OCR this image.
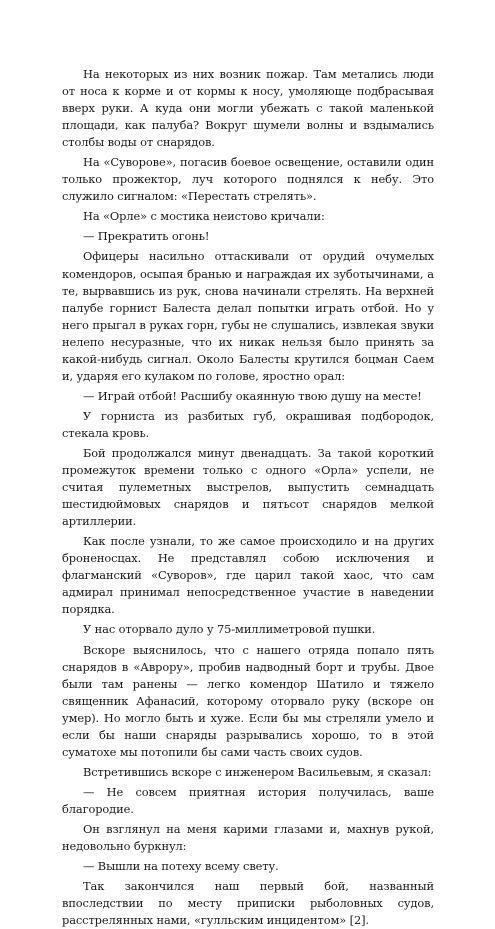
На некоторых из них возник пожар. Там метались люди от носа к корме и от кормы к носу, умоляюще подбрасывая вверх руки. А куда они могли убежать с такой маленькой площади, как палуба? Вокруг шумели волны и вздымались столбы воды от снарядов.

На «Суворове», погасив боевое освещение, оставили один только прожектор, луч которого поднялся к небу. Это служило сигналом: «Перестать стрелять».

На «Орле» с мостика неистово кричали:

— Прекратить огонь!

Офицеры насильно оттаскивали от орудий очумелых комендоров, осыпая бранью и награждая их зуботычинами, а те, вырвавшись из рук, снова начинали стрелять. На верхней палубе горнист Балеста делал попытки играть отбой. Но у него прыгал в руках горн, губы не слушались, извлекая звуки нелепо несуразные, что их никак нельзя было принять за какой-нибудь сигнал. Около Балесты крутился боцман Саем и, ударяя его кулаком по голове, яростно орал:

— Играй отбой! Расшибу окаянную твою душу на месте!

У горниста из разбитых губ, окрашивая подбородок, стекала кровь.

Бой продолжался минут двенадцать. За такой короткий промежуток времени только с одного «Орла» успели, не считая пулеметных выстрелов, выпустить семнадцать шестидюймовых снарядов и пятьсот снарядов мелкой артиллерии.

Как после узнали, то же самое происходило и на других броненосцах. Не представлял собою исключения и флагманский «Суворов», где царил такой хаос, что сам адмирал принимал непосредственное участие в наведении порядка.

У нас оторвало дуло у 75-миллиметровой пушки.

Вскоре выяснилось, что с нашего отряда попало пять снарядов в «Аврору», пробив надводный борт и трубы. Двое были там ранены — легко комендор Шатило и тяжело священник Афанасий, которому оторвало руку (вскоре он умер). Но могло быть и хуже. Если бы мы стреляли умело и если бы наши снаряды разрывались хорошо, то в этой суматохе мы потопили бы сами часть своих судов.

Встретившись вскоре с инженером Васильевым, я сказал:

— Не совсем приятная история получилась, ваше благородие.

Он взглянул на меня карими глазами и, махнув рукой, недовольно буркнул:

— Вышли на потеху всему свету.

Так закончился наш первый бой, названный впоследствии по месту приписки рыболовных судов, расстрелянных нами, «гулльским инцидентом» [2].
